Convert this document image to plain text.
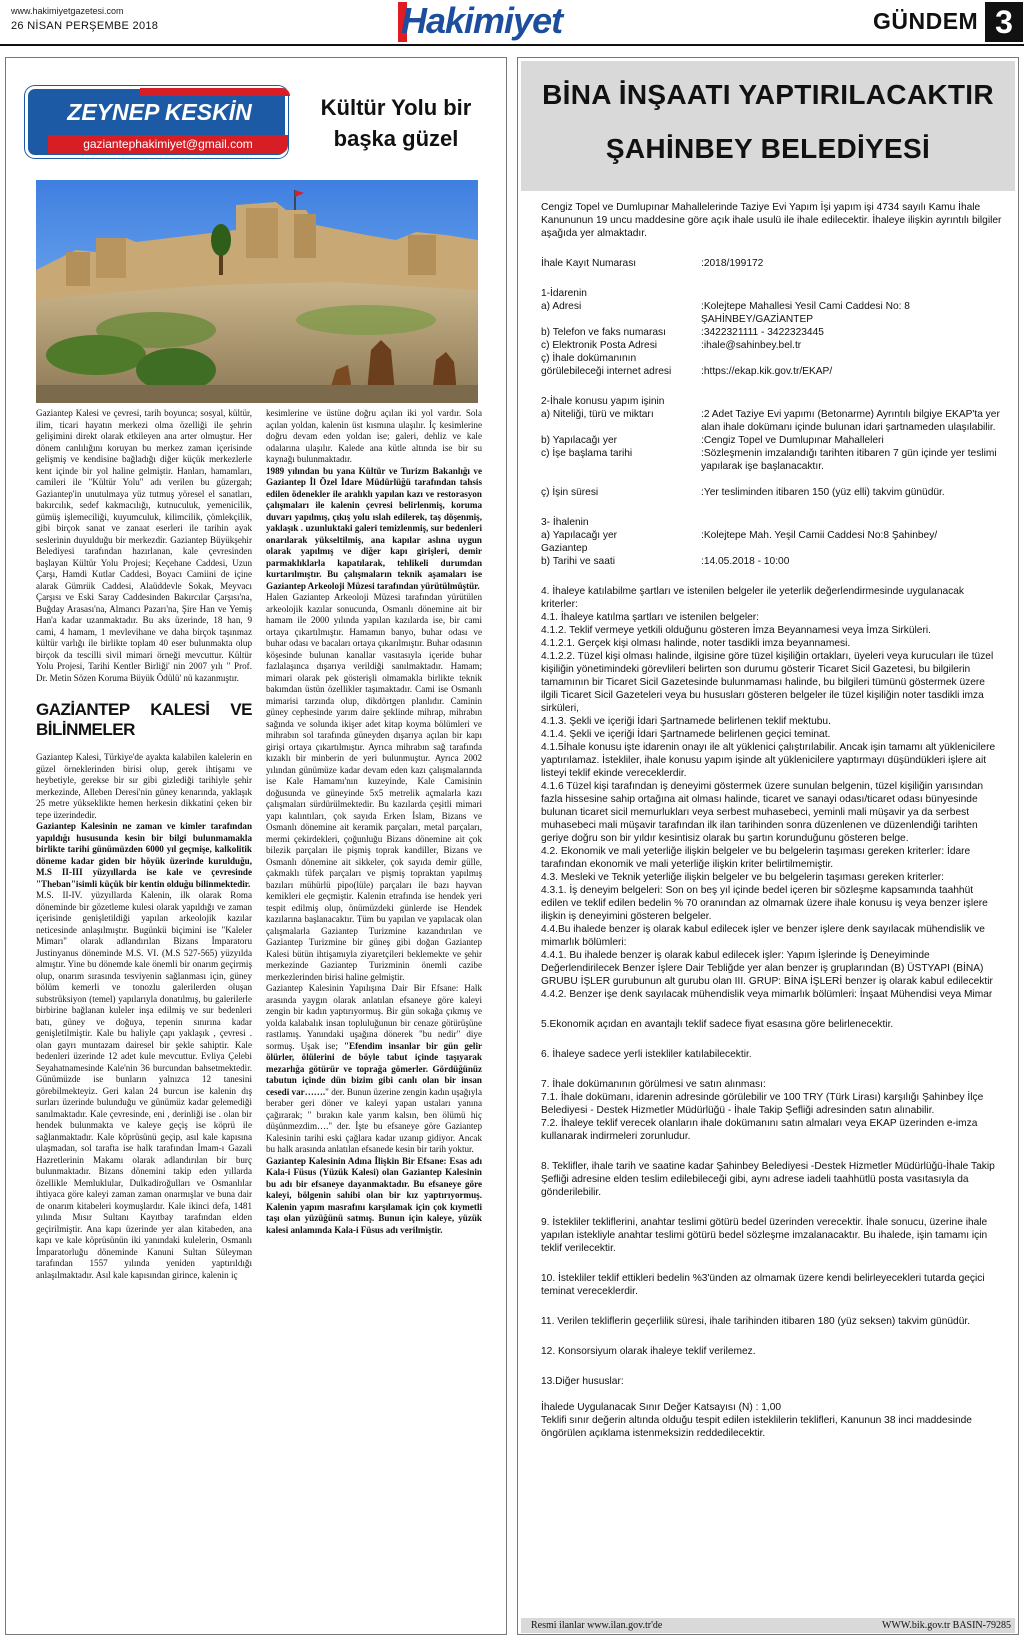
www.hakimiyetgazetesi.com
26 NİSAN PERŞEMBE 2018	Hakimiyet	GÜNDEM 3
ZEYNEP KESKİN
gaziantephakimiyet@gmail.com
Kültür Yolu bir
başka güzel

Gaziantep Kalesi ve çevresi, tarih boyunca; sosyal, kültür, ilim, ticari hayatın merkezi olma özelliği ile şehrin gelişimini direkt olarak etkileyen ana arter olmuştur. Her dönem canlılığını koruyan bu merkez zaman içerisinde gelişmiş ve kendisine bağladığı diğer küçük merkezlerle kent içinde bir yol haline gelmiştir. Hanları, hamamları, camileri ile "Kültür Yolu" adı verilen bu güzergah; Gaziantep'in unutulmaya yüz tutmuş yöresel el sanatları, bakırcılık, sedef kakmacılığı, kutnuculuk, yemenicilik, gümüş işlemeciliği, kuyumculuk, kilimcilik, çömlekçilik, gibi birçok sanat ve zanaat eserleri ile tarihin ayak seslerinin duyulduğu bir merkezdir. Gaziantep Büyükşehir Belediyesi tarafından hazırlanan, kale çevresinden başlayan Kültür Yolu Projesi; Keçehane Caddesi, Uzun Çarşı, Hamdi Kutlar Caddesi, Boyacı Camiini de içine alarak Gümrük Caddesi, Alaüddevle Sokak, Meyvacı Çarşısı ve Eski Saray Caddesinden Bakırcılar Çarşısı'na, Buğday Arasası'na, Almancı Pazarı'na, Şire Han ve Yemiş Han'a kadar uzanmaktadır. Bu aks üzerinde, 18 han, 9 cami, 4 hamam, 1 mevlevihane ve daha birçok taşınmaz kültür varlığı ile birlikte toplam 40 eser bulunmakta olup birçok da tescilli sivil mimari örneği mevcuttur. Kültür Yolu Projesi, Tarihi Kentler Birliği' nin 2007 yılı " Prof. Dr. Metin Sözen Koruma Büyük Ödülü' nü kazanmıştır.

GAZİANTEP KALESİ VE BİLİNMELER

Gaziantep Kalesi, Türkiye'de ayakta kalabilen kalelerin en güzel örneklerinden birisi olup, gerek ihtişamı ve heybetiyle, gerekse bir sır gibi gizlediği tarihiyle şehir merkezinde, Alleben Deresi'nin güney kenarında, yaklaşık 25 metre yükseklikte hemen herkesin dikkatini çeken bir tepe üzerindedir.

Gaziantep Kalesinin ne zaman ve kimler tarafından yapıldığı hususunda kesin bir bilgi bulunmamakla birlikte tarihi günümüzden 6000 yıl geçmişe, kalkolitik döneme kadar giden bir höyük üzerinde kurulduğu, M.S II-III yüzyıllarda ise kale ve çevresinde "Theban"isimli küçük bir kentin olduğu bilinmektedir.

M.S. II-IV. yüzyıllarda Kalenin, ilk olarak Roma döneminde bir gözetleme kulesi olarak yapıldığı ve zaman içerisinde genişletildiği yapılan arkeolojik kazılar neticesinde anlaşılmıştır. Bugünkü biçimini ise "Kaleler Mimarı" olarak adlandırılan Bizans İmparatoru Justinyanus döneminde M.S. VI. (M.S 527-565) yüzyılda almıştır. Yine bu dönemde kale önemli bir onarım geçirmiş olup, onarım sırasında tesviyenin sağlanması için, güney bölüm kemerli ve tonozlu galerilerden oluşan substrüksiyon (temel) yapılarıyla donatılmış, bu galerilerle birbirine bağlanan kuleler inşa edilmiş ve sur bedenleri batı, güney ve doğuya, tepenin sınırına kadar genişletilmiştir. Kale bu haliyle çapı yaklaşık , çevresi . olan gayrı muntazam dairesel bir şekle sahiptir. Kale bedenleri üzerinde 12 adet kule mevcuttur. Evliya Çelebi Seyahatnamesinde Kale'nin 36 burcundan bahsetmektedir. Günümüzde ise bunların yalnızca 12 tanesini görebilmekteyiz. Geri kalan 24 burcun ise kalenin dış surları üzerinde bulunduğu ve günümüz kadar gelemediği sanılmaktadır. Kale çevresinde, eni , derinliği ise . olan bir hendek bulunmakta ve kaleye geçiş ise köprü ile sağlanmaktadır. Kale köprüsünü geçip, asıl kale kapısına ulaşmadan, sol tarafta ise halk tarafından İmam-ı Gazali Hazretlerinin Makamı olarak adlandırılan bir burç bulunmaktadır. Bizans dönemini takip eden yıllarda özellikle Memluklular, Dulkadiroğulları ve Osmanlılar ihtiyaca göre kaleyi zaman zaman onarmışlar ve buna dair de onarım kitabeleri koymuşlardır. Kale ikinci defa, 1481 yılında Mısır Sultanı Kayıtbay tarafından elden geçirilmiştir. Ana kapı üzerinde yer alan kitabeden, ana kapı ve kale köprüsünün iki yanındaki kulelerin, Osmanlı İmparatorluğu döneminde Kanuni Sultan Süleyman tarafından 1557 yılında yeniden yaptırıldığı anlaşılmaktadır. Asıl kale kapısından girince, kalenin iç

kesimlerine ve üstüne doğru açılan iki yol vardır. Sola açılan yoldan, kalenin üst kısmına ulaşılır. İç kesimlerine doğru devam eden yoldan ise; galeri, dehliz ve kale odalarına ulaşılır. Kalede ana kütle altında ise bir su kaynağı bulunmaktadır.

1989 yılından bu yana Kültür ve Turizm Bakanlığı ve Gaziantep İl Özel İdare Müdürlüğü tarafından tahsis edilen ödenekler ile aralıklı yapılan kazı ve restorasyon çalışmaları ile kalenin çevresi belirlenmiş, koruma duvarı yapılmış, çıkış yolu ıslah edilerek, taş döşenmiş, yaklaşık . uzunluktaki galeri temizlenmiş, sur bedenleri onarılarak yükseltilmiş, ana kapılar aslına uygun olarak yapılmış ve diğer kapı girişleri, demir parmaklıklarla kapatılarak, tehlikeli durumdan kurtarılmıştır. Bu çalışmaların teknik aşamaları ise Gaziantep Arkeoloji Müzesi tarafından yürütülmüştür.

Halen Gaziantep Arkeoloji Müzesi tarafından yürütülen arkeolojik kazılar sonucunda, Osmanlı dönemine ait bir hamam ile 2000 yılında yapılan kazılarda ise, bir cami ortaya çıkartılmıştır. Hamamın banyo, buhar odası ve buhar odası ve bacaları ortaya çıkarılmıştır. Buhar odasının köşesinde bulunan kanallar vasıtasıyla içeride buhar fazlalaşınca dışarıya verildiği sanılmaktadır. Hamam; mimari olarak pek gösterişli olmamakla birlikte teknik bakımdan üstün özellikler taşımaktadır. Cami ise Osmanlı mimarisi tarzında olup, dikdörtgen planlıdır. Caminin güney cephesinde yarım daire şeklinde mihrap, mihrabın sağında ve solunda ikişer adet kitap koyma bölümleri ve mihrabın sol tarafında güneyden dışarıya açılan bir kapı girişi ortaya çıkartılmıştır. Ayrıca mihrabın sağ tarafında kızaklı bir minberin de yeri bulunmuştur. Ayrıca 2002 yılından günümüze kadar devam eden kazı çalışmalarında ise Kale Hamamı'nın kuzeyinde, Kale Camisinin doğusunda ve güneyinde 5x5 metrelik açmalarla kazı çalışmaları sürdürülmektedir. Bu kazılarda çeşitli mimari yapı kalıntıları, çok sayıda Erken İslam, Bizans ve Osmanlı dönemine ait keramik parçaları, metal parçaları, mermi çekirdekleri, çoğunluğu Bizans dönemine ait çok bilezik parçaları ile pişmiş toprak kandiller, Bizans ve Osmanlı dönemine ait sikkeler, çok sayıda demir gülle, çakmaklı tüfek parçaları ve pişmiş topraktan yapılmış bazıları mühürlü pipo(lüle) parçaları ile bazı hayvan kemikleri ele geçmiştir. Kalenin etrafında ise hendek yeri tespit edilmiş olup, önümüzdeki günlerde ise Hendek kazılarına başlanacaktır. Tüm bu yapılan ve yapılacak olan çalışmalarla Gaziantep Turizmine kazandırılan ve Gaziantep Turizmine bir güneş gibi doğan Gaziantep Kalesi bütün ihtişamıyla ziyaretçileri beklemekte ve şehir merkezinde Gaziantep Turizminin önemli cazibe merkezlerinden birisi haline gelmiştir.

Gaziantep Kalesinin Yapılışına Dair Bir Efsane: Halk arasında yaygın olarak anlatılan efsaneye göre kaleyi zengin bir kadın yaptırıyormuş. Bir gün sokağa çıkmış ve yolda kalabalık insan topluluğunun bir cenaze götürüşüne rastlamış. Yanındaki uşağına dönerek "bu nedir" diye sormuş. Uşak ise; "Efendim insanlar bir gün gelir ölürler, ölülerini de böyle tabut içinde taşıyarak mezarlığa götürür ve toprağa gömerler. Gördüğünüz tabutun içinde dün bizim gibi canlı olan bir insan cesedi var……." der. Bunun üzerine zengin kadın uşağıyla beraber geri döner ve kaleyi yapan ustaları yanına çağırarak; " bırakın kale yarım kalsın, ben ölümü hiç düşünmezdim…." der. İşte bu efsaneye göre Gaziantep Kalesinin tarihi eski çağlara kadar uzanıp gidiyor. Ancak bu halk arasında anlatılan efsanede kesin bir tarih yoktur.

Gaziantep Kalesinin Adına İlişkin Bir Efsane: Esas adı Kala-i Füsus (Yüzük Kalesi) olan Gaziantep Kalesinin bu adı bir efsaneye dayanmaktadır. Bu efsaneye göre kaleyi, bölgenin sahibi olan bir kız yaptırıyormuş. Kalenin yapım masrafını karşılamak için çok kıymetli taşı olan yüzüğünü satmış. Bunun için kaleye, yüzük kalesi anlamında Kala-i Füsus adı verilmiştir.

BİNA İNŞAATI YAPTIRILACAKTIR
ŞAHİNBEY BELEDİYESİ

Cengiz Topel ve Dumlupınar Mahallelerinde Taziye Evi Yapım İşi yapım işi 4734 sayılı Kamu İhale Kanununun 19 uncu maddesine göre açık ihale usulü ile ihale edilecektir. İhaleye ilişkin ayrıntılı bilgiler aşağıda yer almaktadır.

İhale Kayıt Numarası	:2018/199172

1-İdarenin

a) Adresi	:Kolejtepe Mahallesi Yesil Cami Caddesi No: 8 ŞAHİNBEY/GAZİANTEP
b) Telefon ve faks numarası	:3422321111 - 3422323445
c) Elektronik Posta Adresi	:ihale@sahinbey.bel.tr
ç) İhale dokümanının
görülebileceği internet adresi	:https://ekap.kik.gov.tr/EKAP/

2-İhale konusu yapım işinin

a) Niteliği, türü ve miktarı	:2 Adet Taziye Evi yapımı (Betonarme) Ayrıntılı bilgiye EKAP'ta yer alan ihale dokümanı içinde bulunan idari şartnameden ulaşılabilir.
b) Yapılacağı yer	:Cengiz Topel ve Dumlupınar Mahalleleri
c) İşe başlama tarihi	:Sözleşmenin imzalandığı tarihten itibaren 7 gün içinde yer teslimi yapılarak işe başlanacaktır.
ç) İşin süresi	:Yer tesliminden itibaren 150 (yüz elli) takvim günüdür.

3- İhalenin

a) Yapılacağı yer	:Kolejtepe Mah. Yeşil Camii Caddesi No:8 Şahinbey/

Gaziantep

b) Tarihi ve saati	:14.05.2018 - 10:00

4. İhaleye katılabilme şartları ve istenilen belgeler ile yeterlik değerlendirmesinde uygulanacak kriterler:

4.1. İhaleye katılma şartları ve istenilen belgeler:

4.1.2. Teklif vermeye yetkili olduğunu gösteren İmza Beyannamesi veya İmza Sirküleri.

4.1.2.1. Gerçek kişi olması halinde, noter tasdikli imza beyannamesi.

4.1.2.2. Tüzel kişi olması halinde, ilgisine göre tüzel kişiliğin ortakları, üyeleri veya kurucuları ile tüzel kişiliğin yönetimindeki görevlileri belirten son durumu gösterir Ticaret Sicil Gazetesi, bu bilgilerin tamamının bir Ticaret Sicil Gazetesinde bulunmaması halinde, bu bilgileri tümünü göstermek üzere ilgili Ticaret Sicil Gazeteleri veya bu hususları gösteren belgeler ile tüzel kişiliğin noter tasdikli imza sirküleri,

4.1.3. Şekli ve içeriği İdari Şartnamede belirlenen teklif mektubu.

4.1.4. Şekli ve içeriği İdari Şartnamede belirlenen geçici teminat.

4.1.5İhale konusu işte idarenin onayı ile alt yüklenici çalıştırılabilir. Ancak işin tamamı alt yüklenicilere yaptırılamaz. İstekliler, ihale konusu yapım işinde alt yüklenicilere yaptırmayı düşündükleri işlere ait listeyi teklif ekinde vereceklerdir.

4.1.6 Tüzel kişi tarafından iş deneyimi göstermek üzere sunulan belgenin, tüzel kişiliğin yarısından fazla hissesine sahip ortağına ait olması halinde, ticaret ve sanayi odası/ticaret odası bünyesinde bulunan ticaret sicil memurlukları veya serbest muhasebeci, yeminli mali müşavir ya da serbest muhasebeci mali müşavir tarafından ilk ilan tarihinden sonra düzenlenen ve düzenlendiği tarihten geriye doğru son bir yıldır kesintisiz olarak bu şartın korunduğunu gösteren belge.

4.2. Ekonomik ve mali yeterliğe ilişkin belgeler ve bu belgelerin taşıması gereken kriterler: İdare tarafından ekonomik ve mali yeterliğe ilişkin kriter belirtilmemiştir.

4.3. Mesleki ve Teknik yeterliğe ilişkin belgeler ve bu belgelerin taşıması gereken kriterler:

4.3.1. İş deneyim belgeleri: Son on beş yıl içinde bedel içeren bir sözleşme kapsamında taahhüt edilen ve teklif edilen bedelin % 70 oranından az olmamak üzere ihale konusu iş veya benzer işlere ilişkin iş deneyimini gösteren belgeler.

4.4.Bu ihalede benzer iş olarak kabul edilecek işler ve benzer işlere denk sayılacak mühendislik ve mimarlık bölümleri:

4.4.1. Bu ihalede benzer iş olarak kabul edilecek işler: Yapım İşlerinde İş Deneyiminde Değerlendirilecek Benzer İşlere Dair Tebliğde yer alan benzer iş gruplarından (B) ÜSTYAPI (BİNA) GRUBU İŞLER gurubunun alt gurubu olan III. GRUP: BİNA İŞLERİ benzer iş olarak kabul edilecektir

4.4.2. Benzer işe denk sayılacak mühendislik veya mimarlık bölümleri: İnşaat Mühendisi veya Mimar

5.Ekonomik açıdan en avantajlı teklif sadece fiyat esasına göre belirlenecektir.

6. İhaleye sadece yerli istekliler katılabilecektir.

7. İhale dokümanının görülmesi ve satın alınması:

7.1. İhale dokümanı, idarenin adresinde görülebilir ve 100 TRY (Türk Lirası) karşılığı Şahinbey İlçe Belediyesi - Destek Hizmetler Müdürlüğü - İhale Takip Şefliği adresinden satın alınabilir.

7.2. İhaleye teklif verecek olanların ihale dokümanını satın almaları veya EKAP üzerinden e-imza kullanarak indirmeleri zorunludur.

8. Teklifler, ihale tarih ve saatine kadar Şahinbey Belediyesi -Destek Hizmetler Müdürlüğü-İhale Takip Şefliği adresine elden teslim edilebileceği gibi, aynı adrese iadeli taahhütlü posta vasıtasıyla da gönderilebilir.

9. İstekliler tekliflerini, anahtar teslimi götürü bedel üzerinden verecektir. İhale sonucu, üzerine ihale yapılan istekliyle anahtar teslimi götürü bedel sözleşme imzalanacaktır. Bu ihalede, işin tamamı için teklif verilecektir.

10. İstekliler teklif ettikleri bedelin %3'ünden az olmamak üzere kendi belirleyecekleri tutarda geçici teminat vereceklerdir.

11. Verilen tekliflerin geçerlilik süresi, ihale tarihinden itibaren 180 (yüz seksen) takvim günüdür.

12. Konsorsiyum olarak ihaleye teklif verilemez.

13.Diğer hususlar:

İhalede Uygulanacak Sınır Değer Katsayısı (N) : 1,00

Teklifi sınır değerin altında olduğu tespit edilen isteklilerin teklifleri, Kanunun 38 inci maddesinde öngörülen açıklama istenmeksizin reddedilecektir.

Resmi ilanlar www.ilan.gov.tr'de	WWW.bik.gov.tr BASIN-79285
